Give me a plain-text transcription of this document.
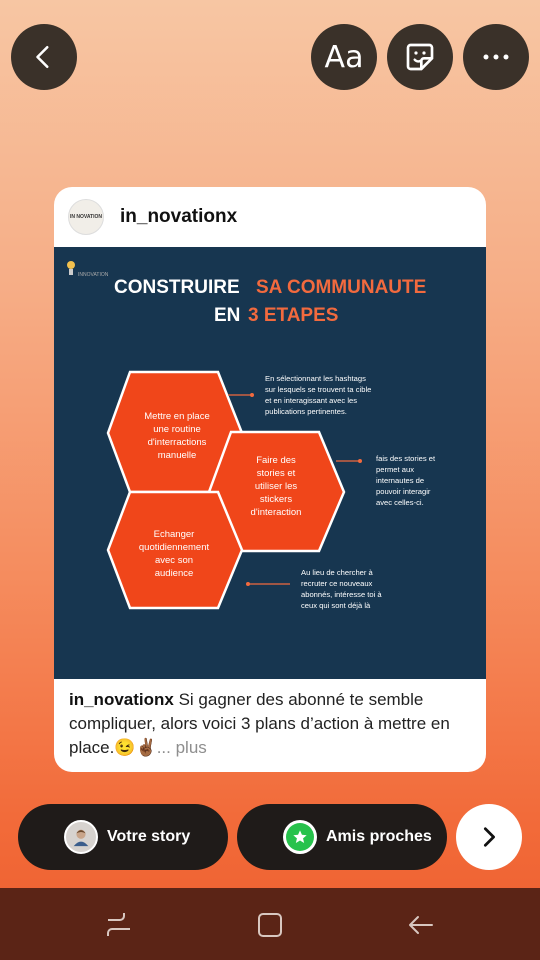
Aa
IN NOVATION in_novationx
INNOVATION
CONSTRUIRE SA COMMUNAUTE
EN 3 ETAPES
Mettre en place
une routine
d'interractions
manuelle	Faire des
stories et
utiliser les
stickers
d'interaction
Echanger
quotidiennement
avec son
audience
En sélectionnant les hashtags
sur lesquels se trouvent ta cible
et en interagissant avec les
publications pertinentes.
fais des stories et
permet aux
internautes de
pouvoir interagir
avec celles-ci.
Au lieu de chercher à
recruter ce nouveaux
abonnés, intéresse toi à
ceux qui sont déjà là
in_novationx Si gagner des abonné te semble compliquer, alors voici 3 plans d’action à mettre en place.😉✌🏾... plus
Votre story	Amis proches
